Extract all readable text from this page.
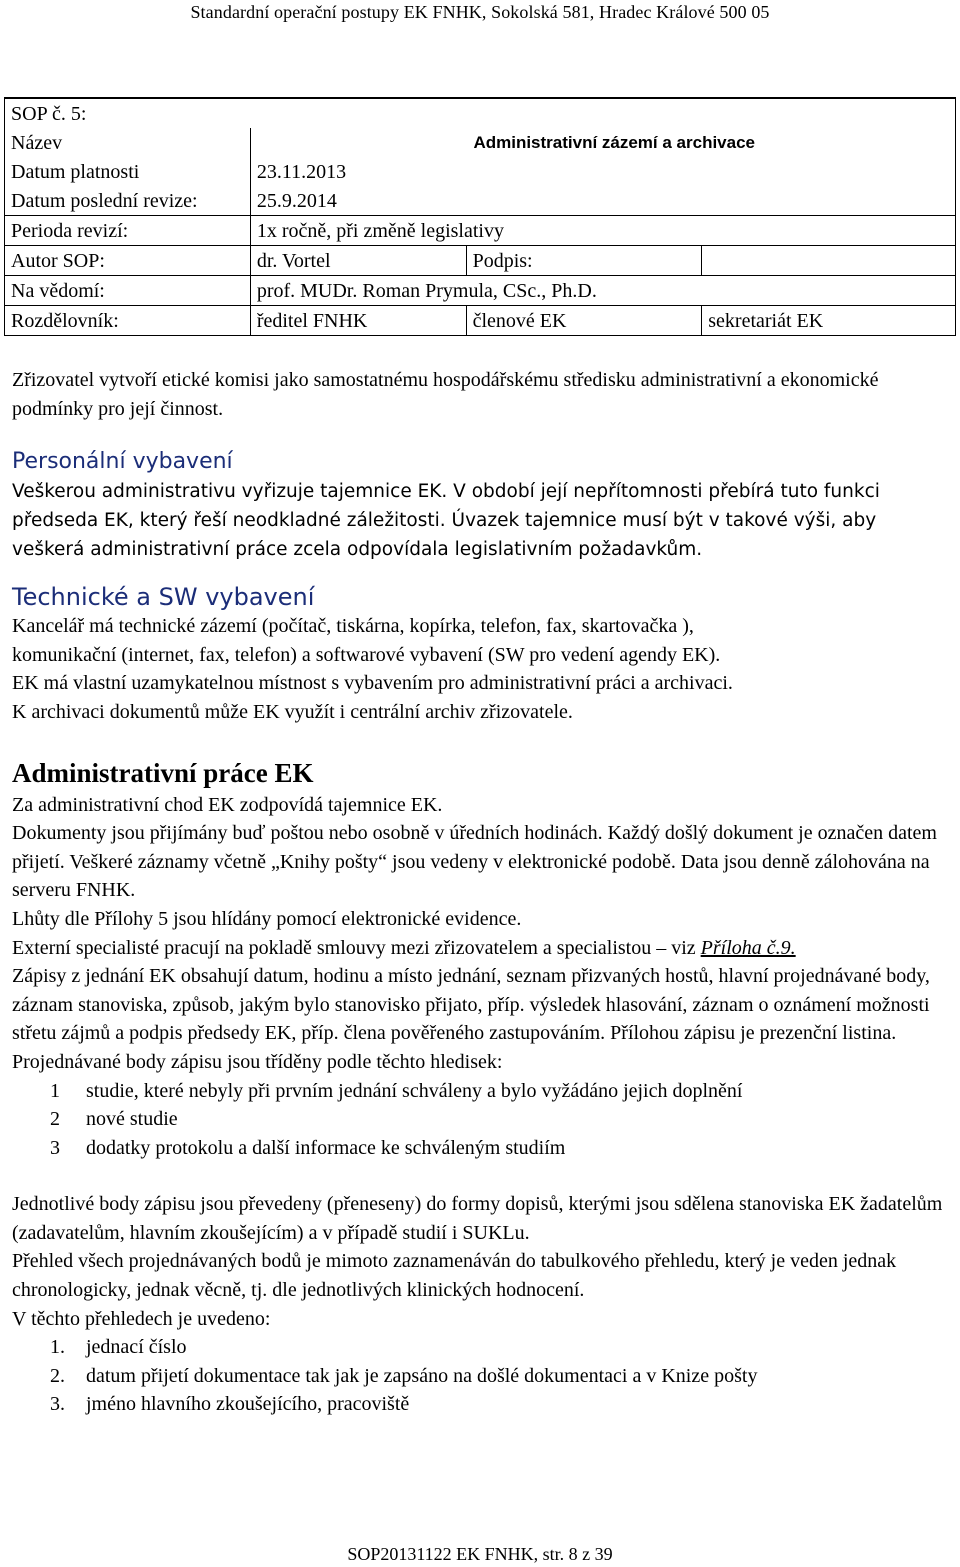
Standardní operační postupy EK FNHK, Sokolská 581, Hradec Králové 500 05
SOP č. 5:			
Název	Administrativní zázemí a archivace		
Datum platnosti	23.11.2013		
Datum poslední revize:	25.9.2014		
Perioda revizí:	1x ročně, při změně legislativy		
Autor SOP:	dr. Vortel	Podpis:	
Na vědomí:	prof. MUDr. Roman Prymula, CSc., Ph.D.		
Rozdělovník:	ředitel FNHK	členové EK	sekretariát EK

Zřizovatel vytvoří etické komisi jako samostatnému hospodářskému středisku administrativní a ekonomické podmínky pro její činnost.

Personální vybavení

Veškerou administrativu vyřizuje tajemnice EK. V období její nepřítomnosti přebírá tuto funkci předseda EK, který řeší neodkladné záležitosti. Úvazek tajemnice musí být v takové výši, aby veškerá administrativní práce zcela odpovídala legislativním požadavkům.

Technické a SW vybavení

Kancelář má technické zázemí (počítač, tiskárna, kopírka, telefon, fax, skartovačka ),

komunikační (internet, fax, telefon) a softwarové vybavení (SW pro vedení agendy EK).

EK má vlastní uzamykatelnou místnost s vybavením pro administrativní práci a archivaci.

K archivaci dokumentů může EK využít i centrální archiv zřizovatele.

Administrativní práce EK

Za administrativní chod EK zodpovídá tajemnice EK.

Dokumenty jsou přijímány buď poštou nebo osobně v úředních hodinách. Každý došlý dokument je označen datem přijetí. Veškeré záznamy včetně „Knihy pošty“ jsou vedeny v elektronické podobě. Data jsou denně zálohována na serveru FNHK.

Lhůty dle Přílohy 5 jsou hlídány pomocí elektronické evidence.

Externí specialisté pracují na pokladě smlouvy mezi zřizovatelem a specialistou – viz Příloha č.9.

Zápisy z jednání EK obsahují datum, hodinu a místo jednání, seznam přizvaných hostů, hlavní projednávané body, záznam stanoviska, způsob, jakým bylo stanovisko přijato, příp. výsledek hlasování, záznam o oznámení možnosti střetu zájmů a podpis předsedy EK, příp. člena pověřeného zastupováním. Přílohou zápisu je prezenční listina.

Projednávané body zápisu jsou tříděny podle těchto hledisek:

1	studie, které nebyly při prvním jednání schváleny a bylo vyžádáno jejich doplnění
2	nové studie
3	dodatky protokolu a další informace ke schváleným studiím

Jednotlivé body zápisu jsou převedeny (přeneseny) do formy dopisů, kterými jsou sdělena stanoviska EK žadatelům (zadavatelům, hlavním zkoušejícím) a v případě studií i SUKLu.

Přehled všech projednávaných bodů je mimoto zaznamenáván do tabulkového přehledu, který je veden jednak chronologicky, jednak věcně, tj. dle jednotlivých klinických hodnocení.

V těchto přehledech je uvedeno:

1.	jednací číslo
2.	datum přijetí dokumentace tak jak je zapsáno na došlé dokumentaci a v Knize pošty
3.	jméno hlavního zkoušejícího, pracoviště
SOP20131122 EK FNHK, str. 8 z 39
